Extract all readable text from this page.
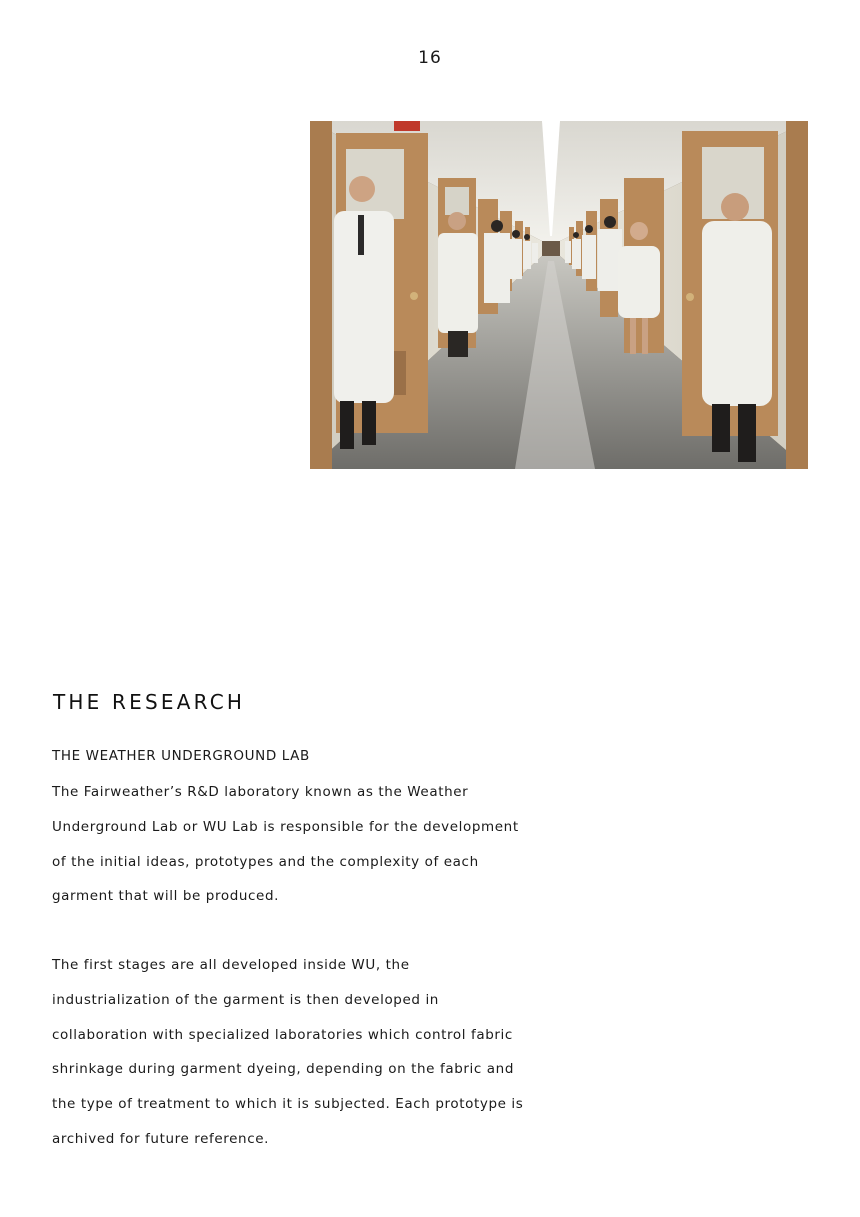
16
THE RESEARCH
THE WEATHER UNDERGROUND LAB

The Fairweather’s R&D laboratory known as the Weather
Underground Lab or WU Lab is responsible for the development
of the initial ideas, prototypes and the complexity of each
garment that will be produced.

The first stages are all developed inside WU, the
industrialization of the garment is then developed in
collaboration with specialized laboratories which control fabric
shrinkage during garment dyeing, depending on the fabric and
the type of treatment to which it is subjected. Each prototype is
archived for future reference.
